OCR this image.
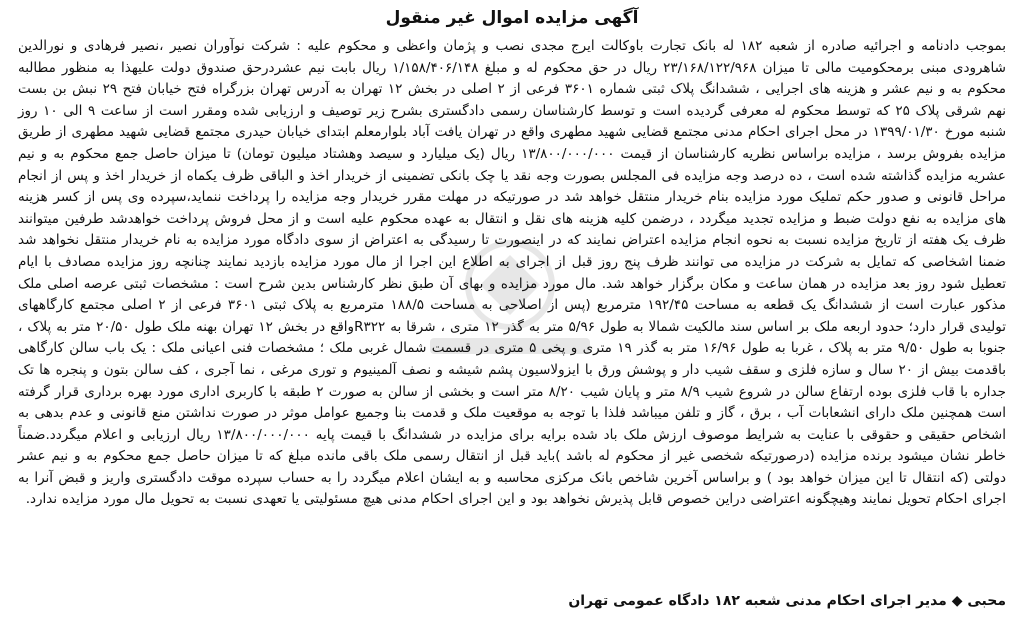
آگهی مزایده اموال غیر منقول

بموجب دادنامه و اجرائیه صادره از شعبه ۱۸۲ له بانک تجارت باوکالت ایرج مجدی نصب و پژمان واعظی و محکوم علیه : شرکت نوآوران نصیر ،نصیر فرهادی و نورالدین شاهرودی مبنی برمحکومیت مالی تا میزان ۲۳/۱۶۸/۱۲۲/۹۶۸ ریال در حق محکوم له و مبلغ ۱/۱۵۸/۴۰۶/۱۴۸ ریال بابت نیم عشردرحق صندوق دولت علیهذا به منظور مطالبه محکوم به و نیم عشر و هزینه های اجرایی ، ششدانگ پلاک ثبتی شماره ۳۶۰۱ فرعی از ۲ اصلی در بخش ۱۲ تهران به آدرس تهران بزرگراه فتح خیابان فتح ۲۹ نبش بن بست نهم شرقی پلاک ۲۵ که توسط محکوم له معرفی گردیده است و توسط کارشناسان رسمی دادگستری بشرح زیر توصیف و ارزیابی شده ومقرر است از ساعت ۹ الی ۱۰ روز شنبه مورخ ۱۳۹۹/۰۱/۳۰ در محل اجرای احکام مدنی مجتمع قضایی شهید مطهری واقع در تهران یافت آباد بلوارمعلم ابتدای خیابان حیدری مجتمع قضایی شهید مطهری از طریق مزایده بفروش برسد ، مزایده براساس نظریه کارشناسان از قیمت ۱۳/۸۰۰/۰۰۰/۰۰۰ ریال (یک میلیارد و سیصد وهشتاد میلیون تومان) تا میزان حاصل جمع محکوم به و نیم عشریه مزایده گذاشته شده است ، ده درصد وجه مزایده فی المجلس بصورت وجه نقد یا چک بانکی تضمینی از خریدار اخذ و الباقی ظرف یکماه از خریدار اخذ و پس از انجام مراحل قانونی و صدور حکم تملیک مورد مزایده بنام خریدار منتقل خواهد شد در صورتیکه در مهلت مقرر خریدار وجه مزایده را پرداخت ننماید،سپرده وی پس از کسر هزینه های مزایده به نفع دولت ضبط و مزایده تجدید میگردد ، درضمن کلیه هزینه های نقل و انتقال به عهده محکوم علیه است و از محل فروش پرداخت خواهدشد طرفین میتوانند ظرف یک هفته از تاریخ مزایده نسبت به نحوه انجام مزایده اعتراض نمایند که در اینصورت تا رسیدگی به اعتراض از سوی دادگاه مورد مزایده به نام خریدار منتقل نخواهد شد ضمنا اشخاصی که تمایل به شرکت در مزایده می توانند ظرف پنج روز قبل از اجرای به اطلاع این اجرا از مال مورد مزایده بازدید نمایند چنانچه روز مزایده مصادف با ایام تعطیل شود روز بعد مزایده در همان ساعت و مکان برگزار خواهد شد. مال مورد مزایده و بهای آن طبق نظر کارشناس بدین شرح است : مشخصات ثبتی عرصه اصلی ملک مذکور عبارت است از ششدانگ یک قطعه به مساحت ۱۹۲/۴۵ مترمربع (پس از اصلاحی به مساحت ۱۸۸/۵ مترمربع به پلاک ثبتی ۳۶۰۱ فرعی از ۲ اصلی مجتمع کارگاههای تولیدی قرار دارد؛ حدود اربعه ملک بر اساس سند مالکیت شمالا به طول ۵/۹۶ متر به گذر ۱۲ متری ، شرقا به R۳۲۲واقع در بخش ۱۲ تهران بهنه ملک طول ۲۰/۵۰ متر به پلاک ، جنوبا به طول ۹/۵۰ متر به پلاک ، غربا به طول ۱۶/۹۶ متر به گذر ۱۹ متری و پخی ۵ متری در قسمت شمال غربی ملک ؛ مشخصات فنی اعیانی ملک : یک باب سالن کارگاهی باقدمت بیش از ۲۰ سال و سازه فلزی و سقف شیب دار و پوشش ورق با ایزولاسیون پشم شیشه و نصف آلمینیوم و توری مرغی ، نما آجری ، کف سالن بتون و پنجره ها تک جداره با قاب فلزی بوده ارتفاع سالن در شروع شیب ۸/۹ متر و پایان شیب ۸/۲۰ متر است و بخشی از سالن به صورت ۲ طبقه با کاربری اداری مورد بهره برداری قرار گرفته است همچنین ملک دارای انشعابات آب ، برق ، گاز و تلفن میباشد فلذا با توجه به موقعیت ملک و قدمت بنا وجمیع عوامل موثر در صورت نداشتن منع قانونی و عدم بدهی به اشخاص حقیقی و حقوقی با عنایت به شرایط موصوف ارزش ملک باد شده برایه برای مزایده در ششدانگ با قیمت پایه ۱۳/۸۰۰/۰۰۰/۰۰۰ ریال ارزیابی و اعلام میگردد.ضمناً خاطر نشان میشود برنده مزایده (درصورتیکه شخصی غیر از محکوم له باشد )باید قبل از انتقال رسمی ملک باقی مانده مبلغ که تا میزان حاصل جمع محکوم به و نیم عشر دولتی (که انتقال تا این میزان خواهد بود ) و براساس آخرین شاخص بانک مرکزی محاسبه و به ایشان اعلام میگردد را به حساب سپرده موقت دادگستری واریز و قبض آنرا به اجرای احکام تحویل نمایند وهیچگونه اعتراضی دراین خصوص قابل پذیرش نخواهد بود و این اجرای احکام مدنی هیچ مسئولیتی یا تعهدی نسبت به تحویل مال مورد مزایده ندارد.

محبی ◆ مدیر اجرای احکام مدنی شعبه ۱۸۲ دادگاه عمومی تهران
